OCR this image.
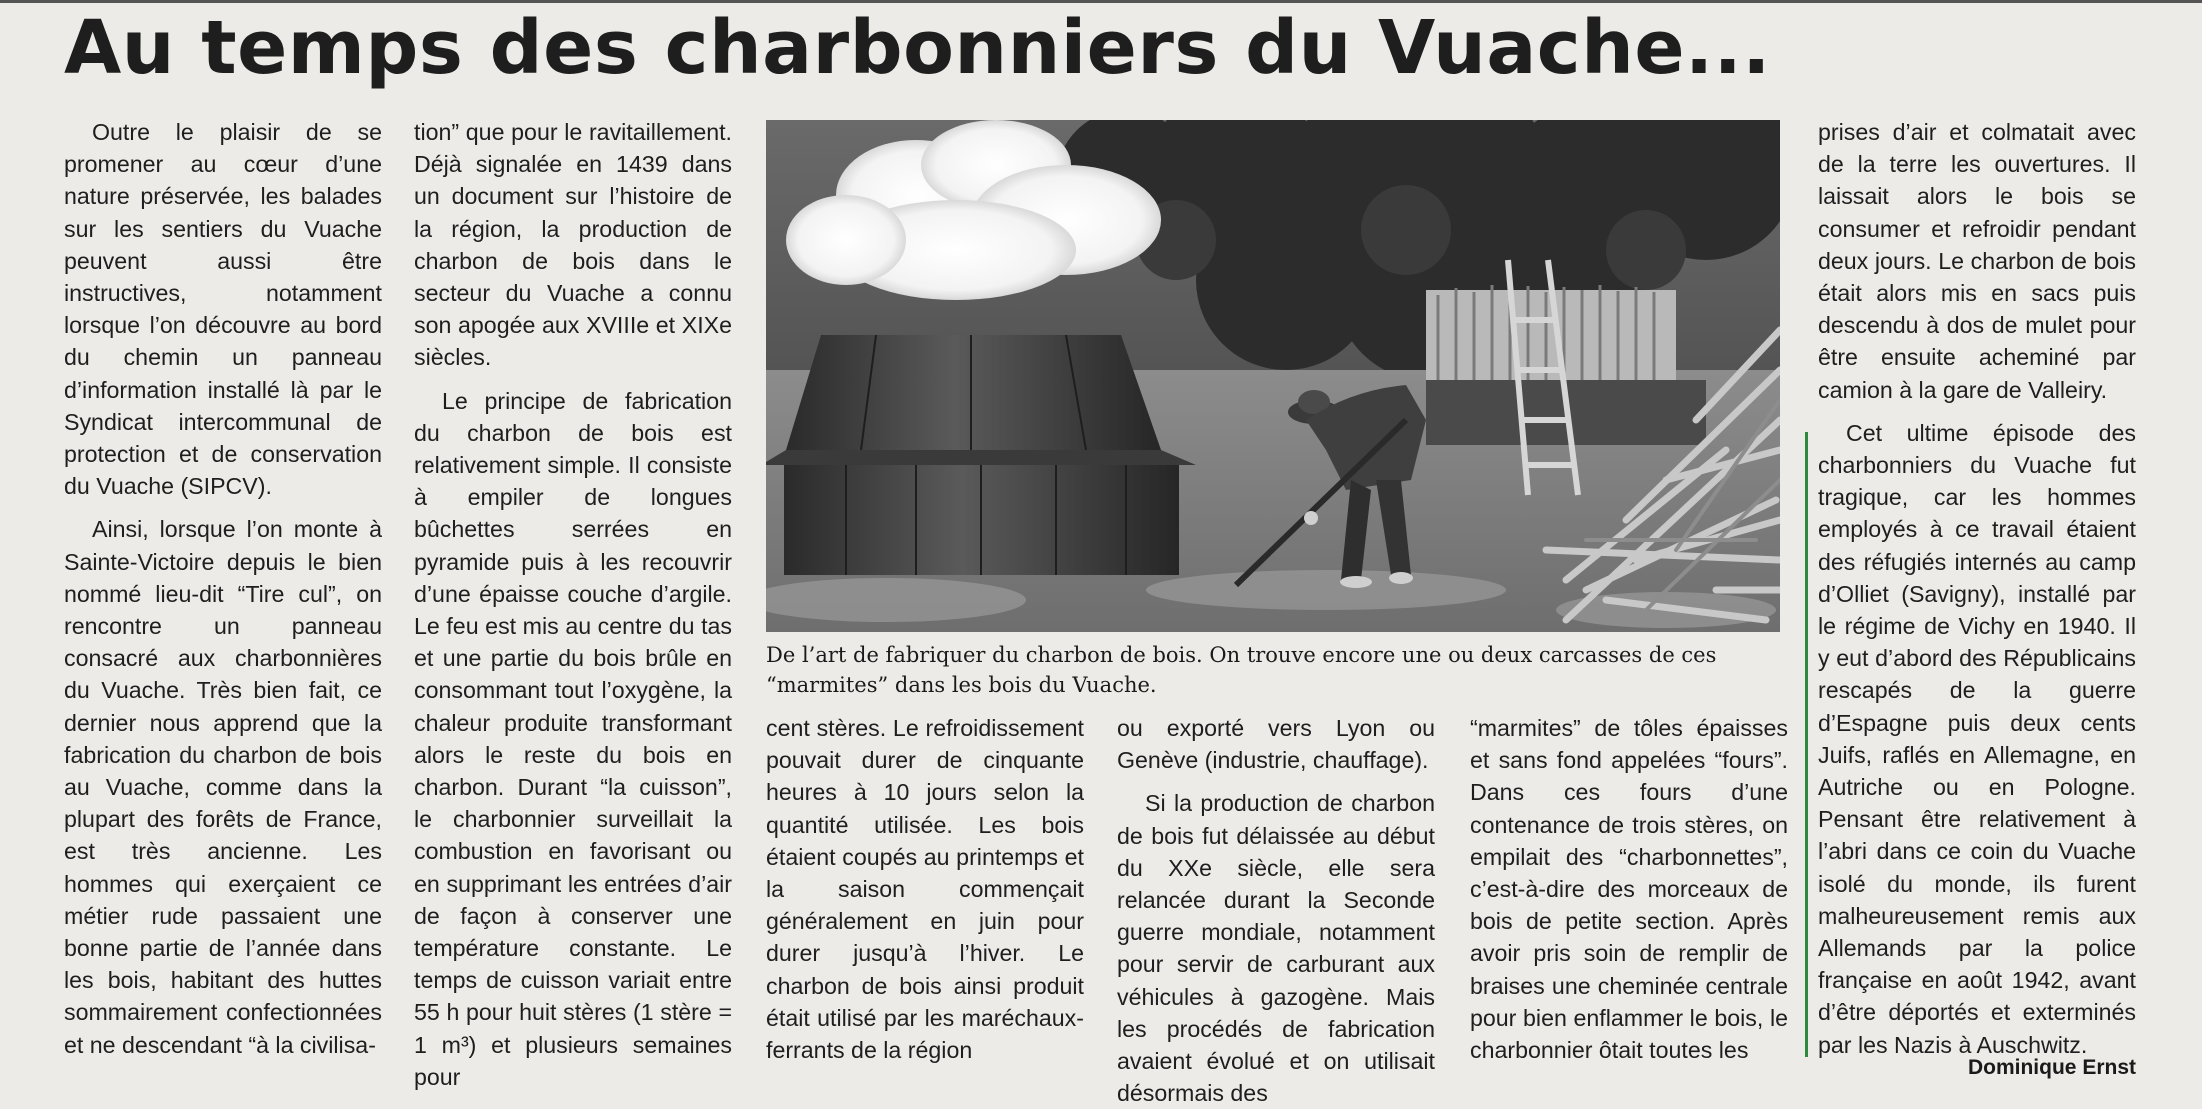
Au temps des charbonniers du Vuache...

Outre le plaisir de se promener au cœur d’une nature préservée, les balades sur les sentiers du Vuache peuvent aussi être instructives, notamment lorsque l’on découvre au bord du chemin un panneau d’information installé là par le Syndicat intercommunal de protection et de conservation du Vuache (SIPCV).

Ainsi, lorsque l’on monte à Sainte-Victoire depuis le bien nommé lieu-dit “Tire cul”, on rencontre un panneau consacré aux charbonnières du Vuache. Très bien fait, ce dernier nous apprend que la fabrication du charbon de bois au Vuache, comme dans la plupart des forêts de France, est très ancienne. Les hommes qui exerçaient ce métier rude passaient une bonne partie de l’année dans les bois, habitant des huttes sommairement confectionnées et ne descendant “à la civilisa-

tion” que pour le ravitaillement. Déjà signalée en 1439 dans un document sur l’histoire de la région, la production de charbon de bois dans le secteur du Vuache a connu son apogée aux XVIIIe et XIXe siècles.

Le principe de fabrication du charbon de bois est relativement simple. Il consiste à empiler de longues bûchettes serrées en pyramide puis à les recouvrir d’une épaisse couche d’argile. Le feu est mis au centre du tas et une partie du bois brûle en consommant tout l’oxygène, la chaleur produite transformant alors le reste du bois en charbon. Durant “la cuisson”, le charbonnier surveillait la combustion en favorisant ou en supprimant les entrées d’air de façon à conserver une température constante. Le temps de cuisson variait entre 55 h pour huit stères (1 stère = 1 m³) et plusieurs semaines pour

De l’art de fabriquer du charbon de bois. On trouve encore une ou deux carcasses de ces “marmites” dans les bois du Vuache.

cent stères. Le refroidissement pouvait durer de cinquante heures à 10 jours selon la quantité utilisée. Les bois étaient coupés au printemps et la saison commençait généralement en juin pour durer jusqu’à l’hiver. Le charbon de bois ainsi produit était utilisé par les maréchaux-ferrants de la région

ou exporté vers Lyon ou Genève (industrie, chauffage).

Si la production de charbon de bois fut délaissée au début du XXe siècle, elle sera relancée durant la Seconde guerre mondiale, notamment pour servir de carburant aux véhicules à gazogène. Mais les procédés de fabrication avaient évolué et on utilisait désormais des

“marmites” de tôles épaisses et sans fond appelées “fours”. Dans ces fours d’une contenance de trois stères, on empilait des “charbonnettes”, c’est-à-dire des morceaux de bois de petite section. Après avoir pris soin de remplir de braises une cheminée centrale pour bien enflammer le bois, le charbonnier ôtait toutes les

prises d’air et colmatait avec de la terre les ouvertures. Il laissait alors le bois se consumer et refroidir pendant deux jours. Le charbon de bois était alors mis en sacs puis descendu à dos de mulet pour être ensuite acheminé par camion à la gare de Valleiry.

Cet ultime épisode des charbonniers du Vuache fut tragique, car les hommes employés à ce travail étaient des réfugiés internés au camp d’Olliet (Savigny), installé par le régime de Vichy en 1940. Il y eut d’abord des Républicains rescapés de la guerre d’Espagne puis deux cents Juifs, raflés en Allemagne, en Autriche ou en Pologne. Pensant être relativement à l’abri dans ce coin du Vuache isolé du monde, ils furent malheureusement remis aux Allemands par la police française en août 1942, avant d’être déportés et exterminés par les Nazis à Auschwitz.

Dominique Ernst
